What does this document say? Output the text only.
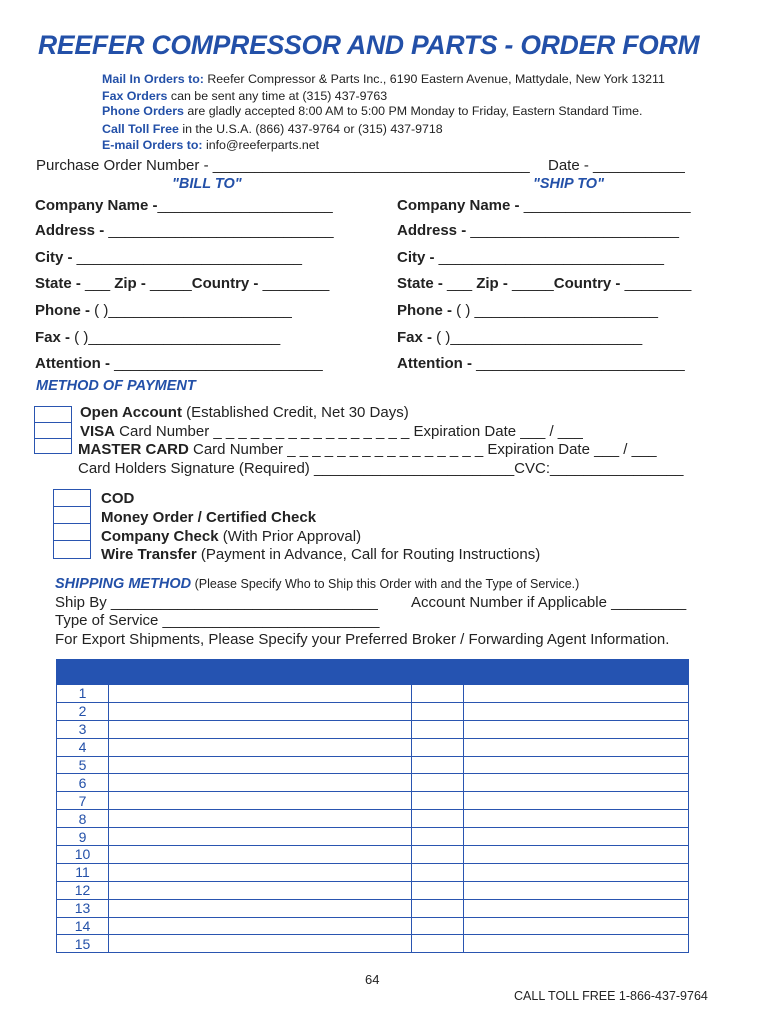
REEFER COMPRESSOR AND PARTS - ORDER FORM
Mail In Orders to: Reefer Compressor & Parts Inc., 6190 Eastern Avenue, Mattydale, New York 13211
Fax Orders can be sent any time at (315) 437-9763
Phone Orders are gladly accepted 8:00 AM to 5:00 PM Monday to Friday, Eastern Standard Time.
Call Toll Free in the U.S.A. (866) 437-9764 or (315) 437-9718
E-mail Orders to: info@reeferparts.net
Purchase Order Number - ______________________________________ Date - ___________
"BILL TO"	"SHIP TO"
Company Name -_____________________
Address - ___________________________
City - ___________________________
State - ___ Zip - _____Country - ________
Phone - ( )______________________
Fax - ( )_______________________
Attention - _________________________
Company Name - ____________________
Address - _________________________
City - ___________________________
State - ___ Zip - _____Country - ________
Phone - ( ) ______________________
Fax - ( )_______________________
Attention - _________________________
METHOD OF PAYMENT
Open Account (Established Credit, Net 30 Days)
VISA Card Number _ _ _ _ _ _ _ _ _ _ _ _ _ _ _ _ Expiration Date ___ / ___
MASTER CARD Card Number _ _ _ _ _ _ _ _ _ _ _ _ _ _ _ _ Expiration Date ___ / ___
Card Holders Signature (Required) ________________________CVC:________________
COD
Money Order / Certified Check
Company Check (With Prior Approval)
Wire Transfer (Payment in Advance, Call for Routing Instructions)
SHIPPING METHOD (Please Specify Who to Ship this Order with and the Type of Service.)
Ship By ________________________________ Account Number if Applicable _________
Type of Service __________________________
For Export Shipments, Please Specify your Preferred Broker / Forwarding Agent Information.

1			
2			
3			
4			
5			
6			
7			
8			
9			
10			
11			
12			
13			
14			
15			
64
CALL TOLL FREE 1-866-437-9764
